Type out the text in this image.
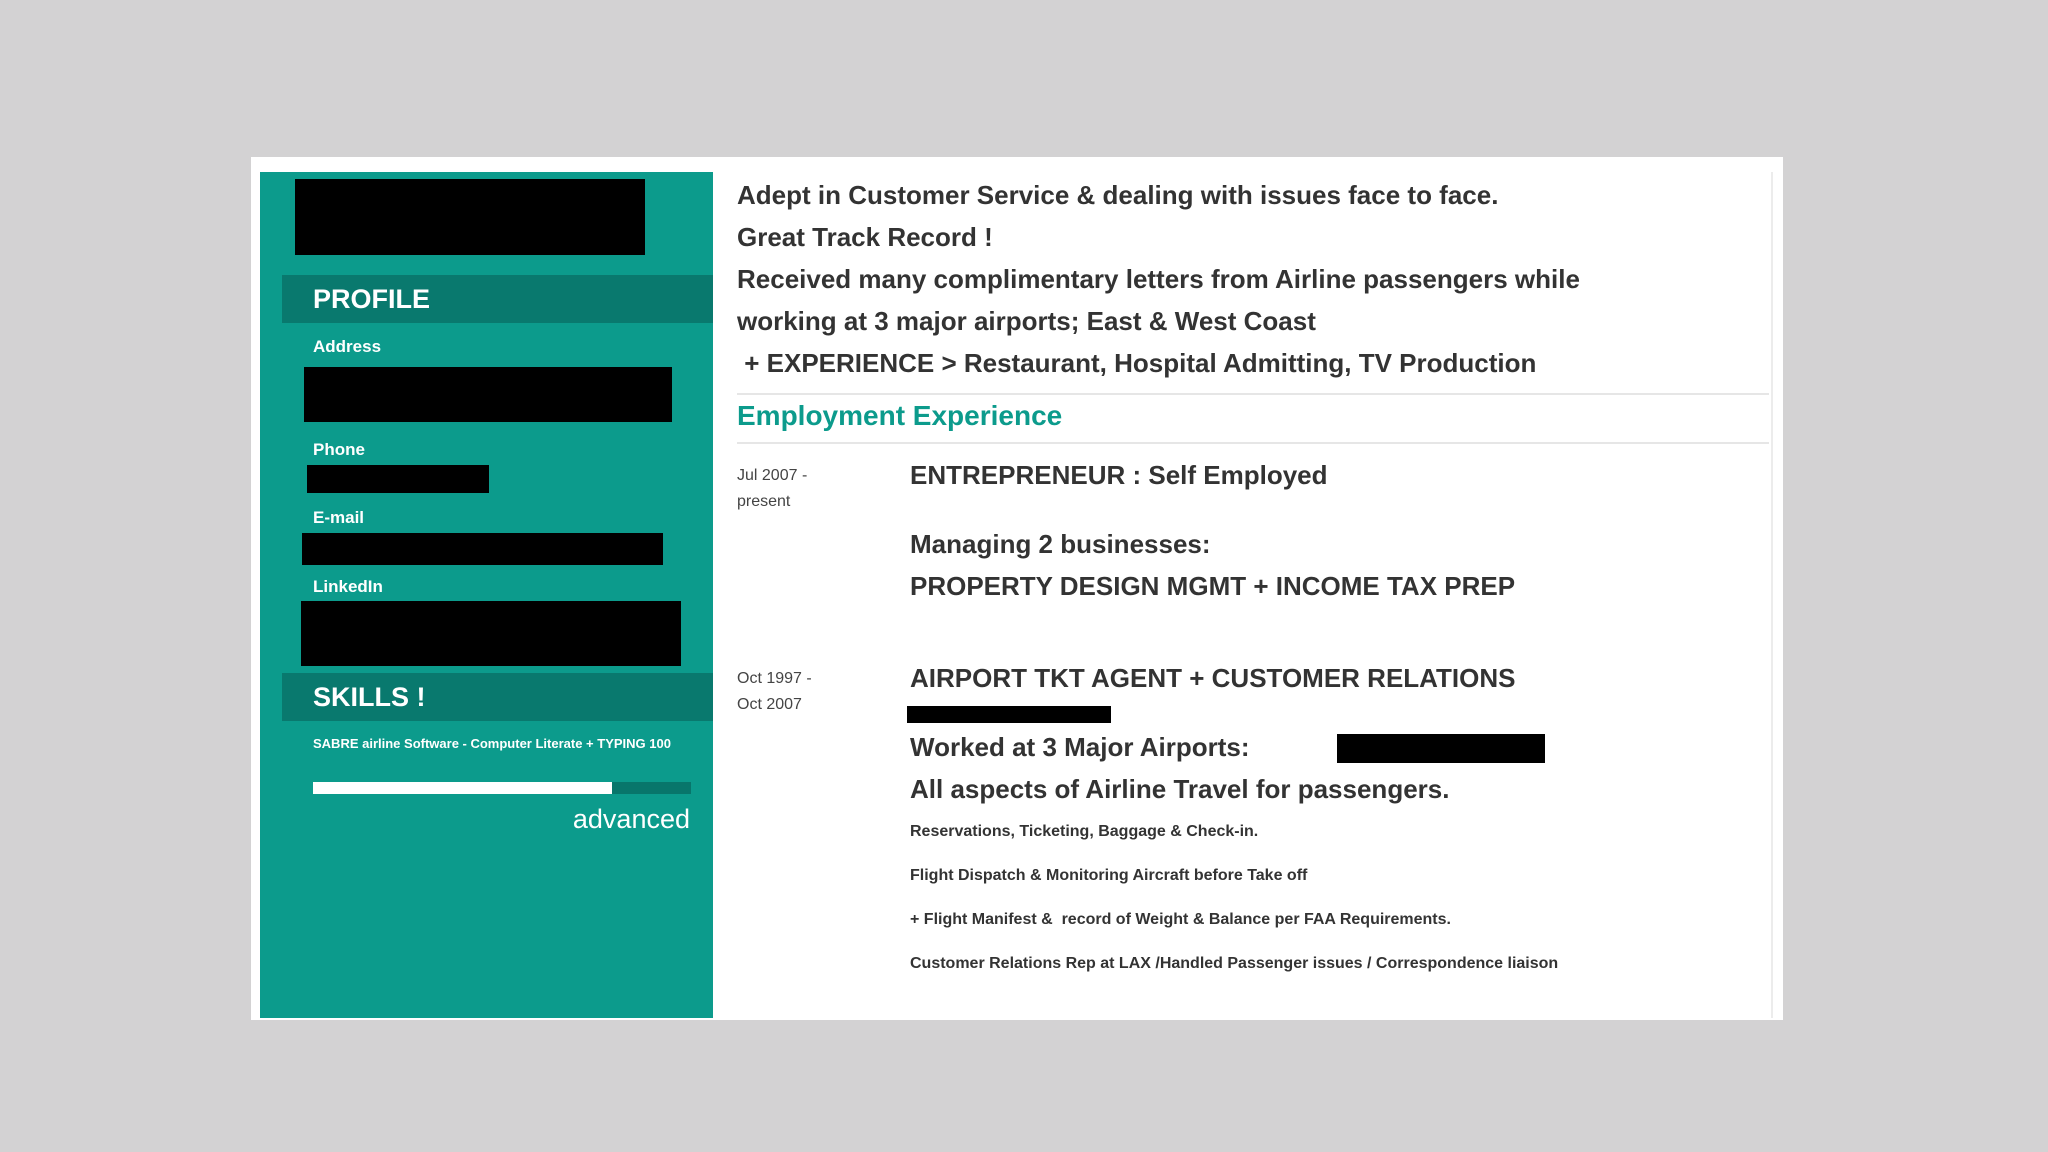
PROFILE
Address
Phone
E-mail
LinkedIn
SKILLS !
SABRE airline Software - Computer Literate + TYPING 100
advanced
Adept in Customer Service & dealing with issues face to face.
Great Track Record !
Received many complimentary letters from Airline passengers while
working at 3 major airports; East & West Coast
+ EXPERIENCE > Restaurant, Hospital Admitting, TV Production
Employment Experience
Jul 2007 -
present
ENTREPRENEUR : Self Employed
Managing 2 businesses:
PROPERTY DESIGN MGMT + INCOME TAX PREP
Oct 1997 -
Oct 2007
AIRPORT TKT AGENT + CUSTOMER RELATIONS
Worked at 3 Major Airports:
All aspects of Airline Travel for passengers.
Reservations, Ticketing, Baggage & Check-in.
Flight Dispatch & Monitoring Aircraft before Take off
+ Flight Manifest &  record of Weight & Balance per FAA Requirements.
Customer Relations Rep at LAX /Handled Passenger issues / Correspondence liaison
